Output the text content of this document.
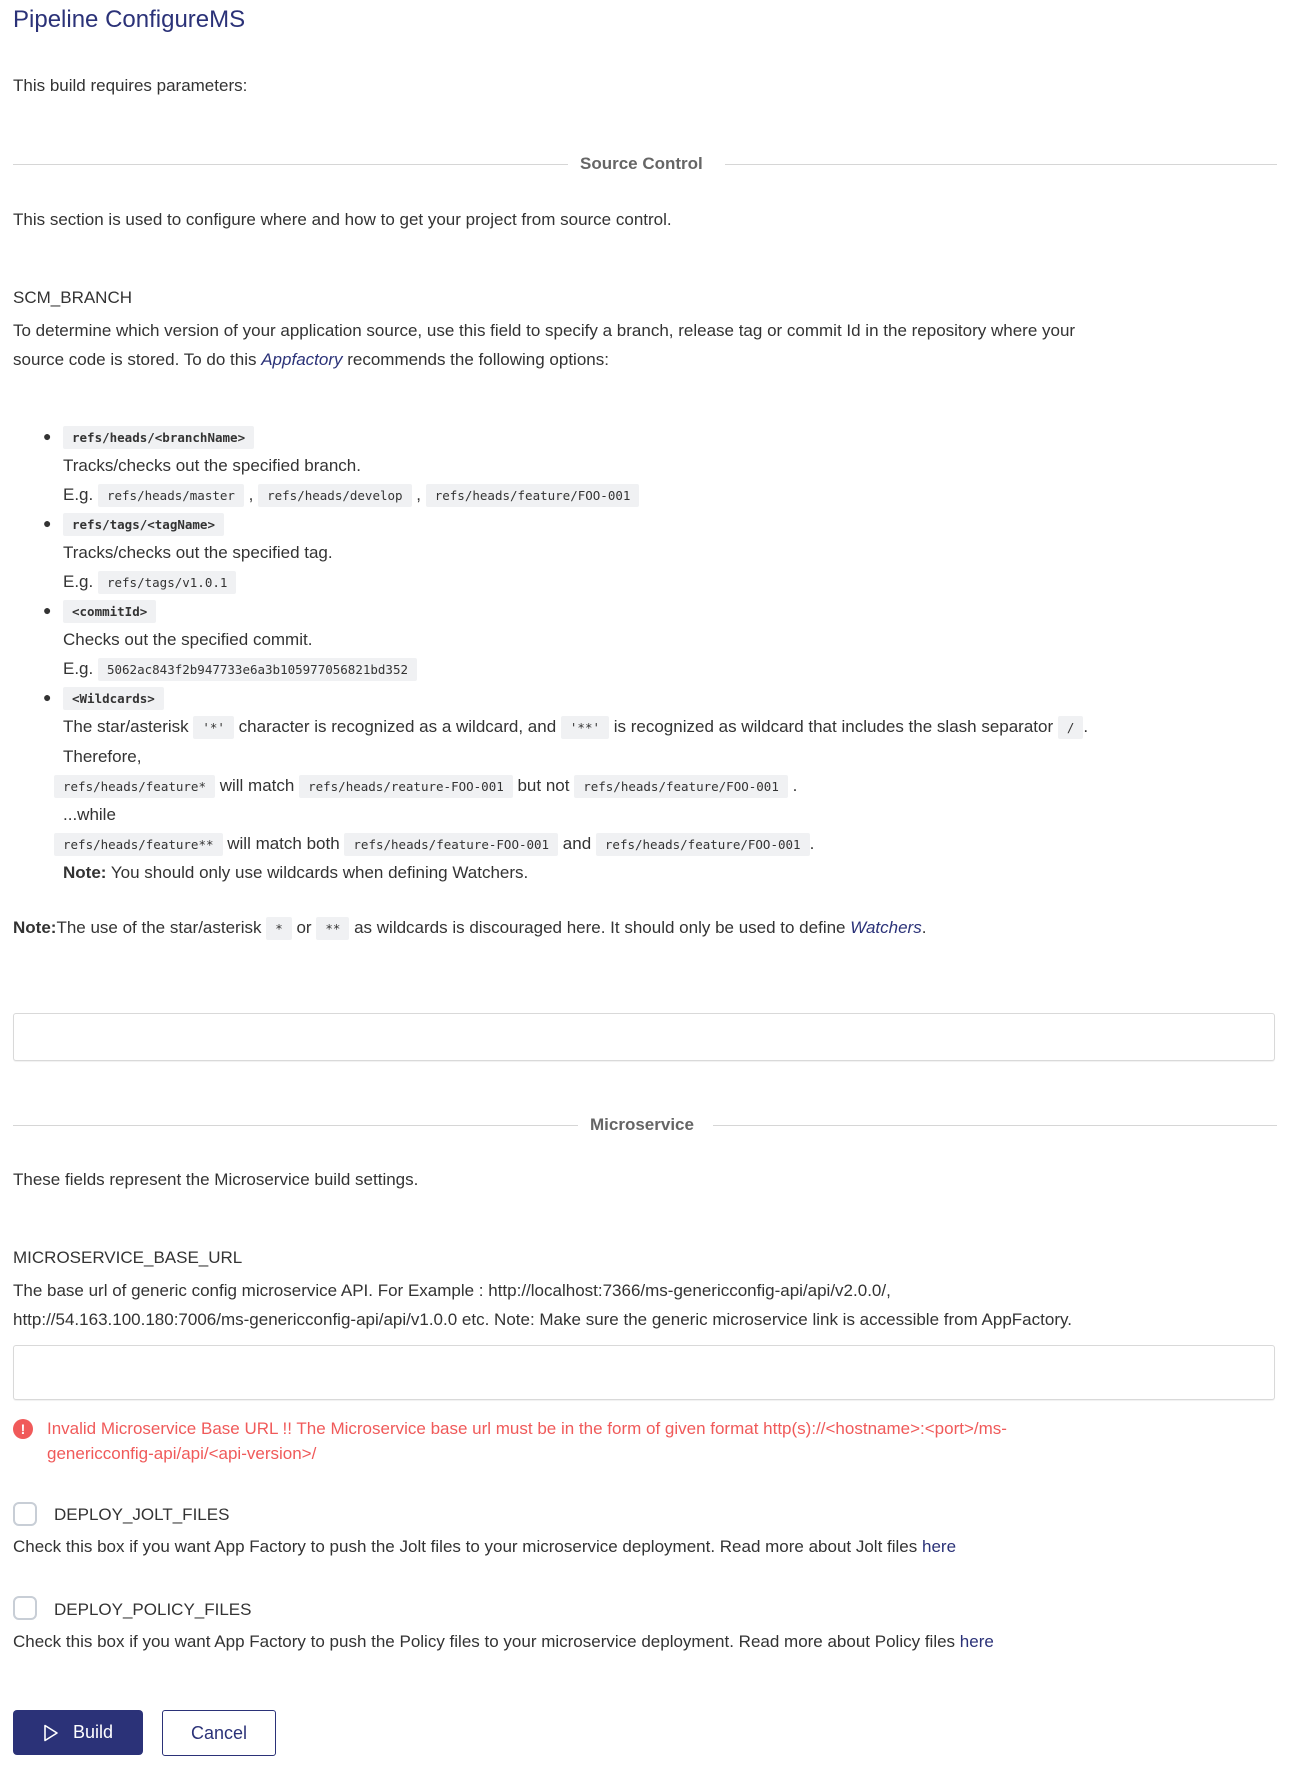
Pipeline ConfigureMS
This build requires parameters:
Source Control
This section is used to configure where and how to get your project from source control.
SCM_BRANCH
To determine which version of your application source, use this field to specify a branch, release tag or commit Id in the repository where your
source code is stored. To do this Appfactory recommends the following options:
●	refs/heads/<branchName>
Tracks/checks out the specified branch.
E.g. refs/heads/master , refs/heads/develop , refs/heads/feature/FOO-001
●	refs/tags/<tagName>
Tracks/checks out the specified tag.
E.g. refs/tags/v1.0.1
●	<commitId>
Checks out the specified commit.
E.g. 5062ac843f2b947733e6a3b105977056821bd352
●	<Wildcards>
The star/asterisk '*' character is recognized as a wildcard, and '**' is recognized as wildcard that includes the slash separator / .
Therefore,
refs/heads/feature* will match refs/heads/reature-FOO-001 but not refs/heads/feature/FOO-001 .
...while
refs/heads/feature** will match both refs/heads/feature-FOO-001 and refs/heads/feature/FOO-001 .
Note: You should only use wildcards when defining Watchers.
Note:The use of the star/asterisk * or ** as wildcards is discouraged here. It should only be used to define Watchers.
Microservice
These fields represent the Microservice build settings.
MICROSERVICE_BASE_URL
The base url of generic config microservice API. For Example : http://localhost:7366/ms-genericconfig-api/api/v2.0.0/,
http://54.163.100.180:7006/ms-genericconfig-api/api/v1.0.0 etc. Note: Make sure the generic microservice link is accessible from AppFactory.
!	Invalid Microservice Base URL !! The Microservice base url must be in the form of given format http(s)://<hostname>:<port>/ms-
genericconfig-api/api/<api-version>/
DEPLOY_JOLT_FILES
Check this box if you want App Factory to push the Jolt files to your microservice deployment. Read more about Jolt files here
DEPLOY_POLICY_FILES
Check this box if you want App Factory to push the Policy files to your microservice deployment. Read more about Policy files here
Build	Cancel
